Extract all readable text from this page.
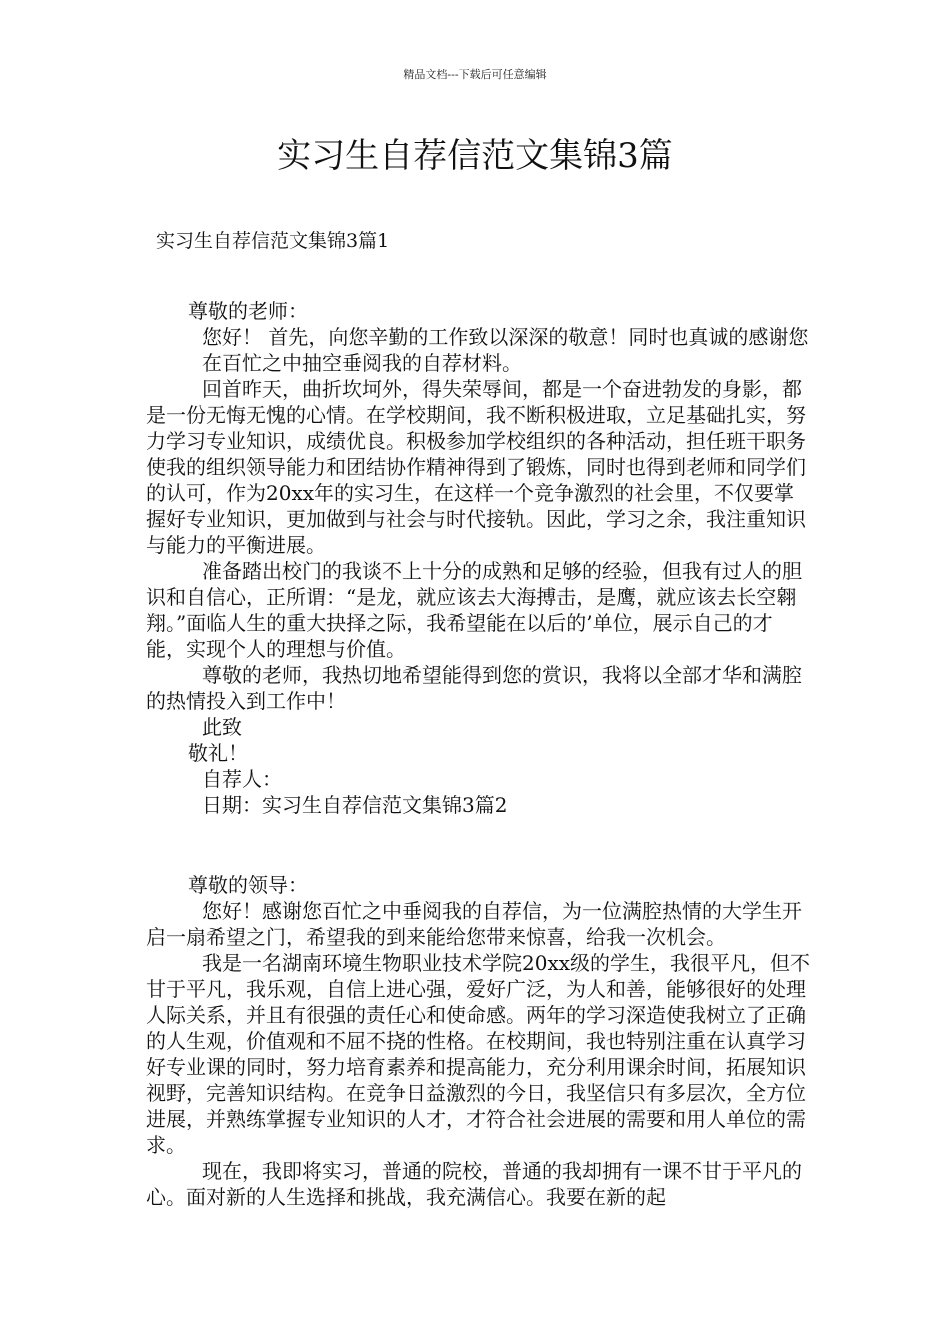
精品文档---下载后可任意编辑
实习生自荐信范文集锦3篇
实习生自荐信范文集锦3篇1

尊敬的老师：

您好！ 首先，向您辛勤的工作致以深深的敬意！同时也真诚的感谢您在百忙之中抽空垂阅我的自荐材料。

回首昨天，曲折坎坷外，得失荣辱间，都是一个奋进勃发的身影，都是一份无悔无愧的心情。在学校期间，我不断积极进取，立足基础扎实，努力学习专业知识，成绩优良。积极参加学校组织的各种活动，担任班干职务使我的组织领导能力和团结协作精神得到了锻炼，同时也得到老师和同学们的认可，作为20xx年的实习生，在这样一个竞争激烈的社会里，不仅要掌握好专业知识，更加做到与社会与时代接轨。因此，学习之余，我注重知识与能力的平衡进展。

准备踏出校门的我谈不上十分的成熟和足够的经验，但我有过人的胆识和自信心，正所谓：“是龙，就应该去大海搏击，是鹰，就应该去长空翱翔。”面临人生的重大抉择之际，我希望能在以后的’单位，展示自己的才能，实现个人的理想与价值。

尊敬的老师，我热切地希望能得到您的赏识，我将以全部才华和满腔的热情投入到工作中！

此致

敬礼！

自荐人：

日期：实习生自荐信范文集锦3篇2

尊敬的领导：

您好！感谢您百忙之中垂阅我的自荐信，为一位满腔热情的大学生开启一扇希望之门，希望我的到来能给您带来惊喜，给我一次机会。

我是一名湖南环境生物职业技术学院20xx级的学生，我很平凡，但不甘于平凡，我乐观，自信上进心强，爱好广泛，为人和善，能够很好的处理人际关系，并且有很强的责任心和使命感。两年的学习深造使我树立了正确的人生观，价值观和不屈不挠的性格。在校期间，我也特别注重在认真学习好专业课的同时，努力培育素养和提高能力，充分利用课余时间，拓展知识视野，完善知识结构。在竞争日益激烈的今日，我坚信只有多层次，全方位进展，并熟练掌握专业知识的人才，才符合社会进展的需要和用人单位的需求。

现在，我即将实习，普通的院校，普通的我却拥有一课不甘于平凡的心。面对新的人生选择和挑战，我充满信心。我要在新的起
